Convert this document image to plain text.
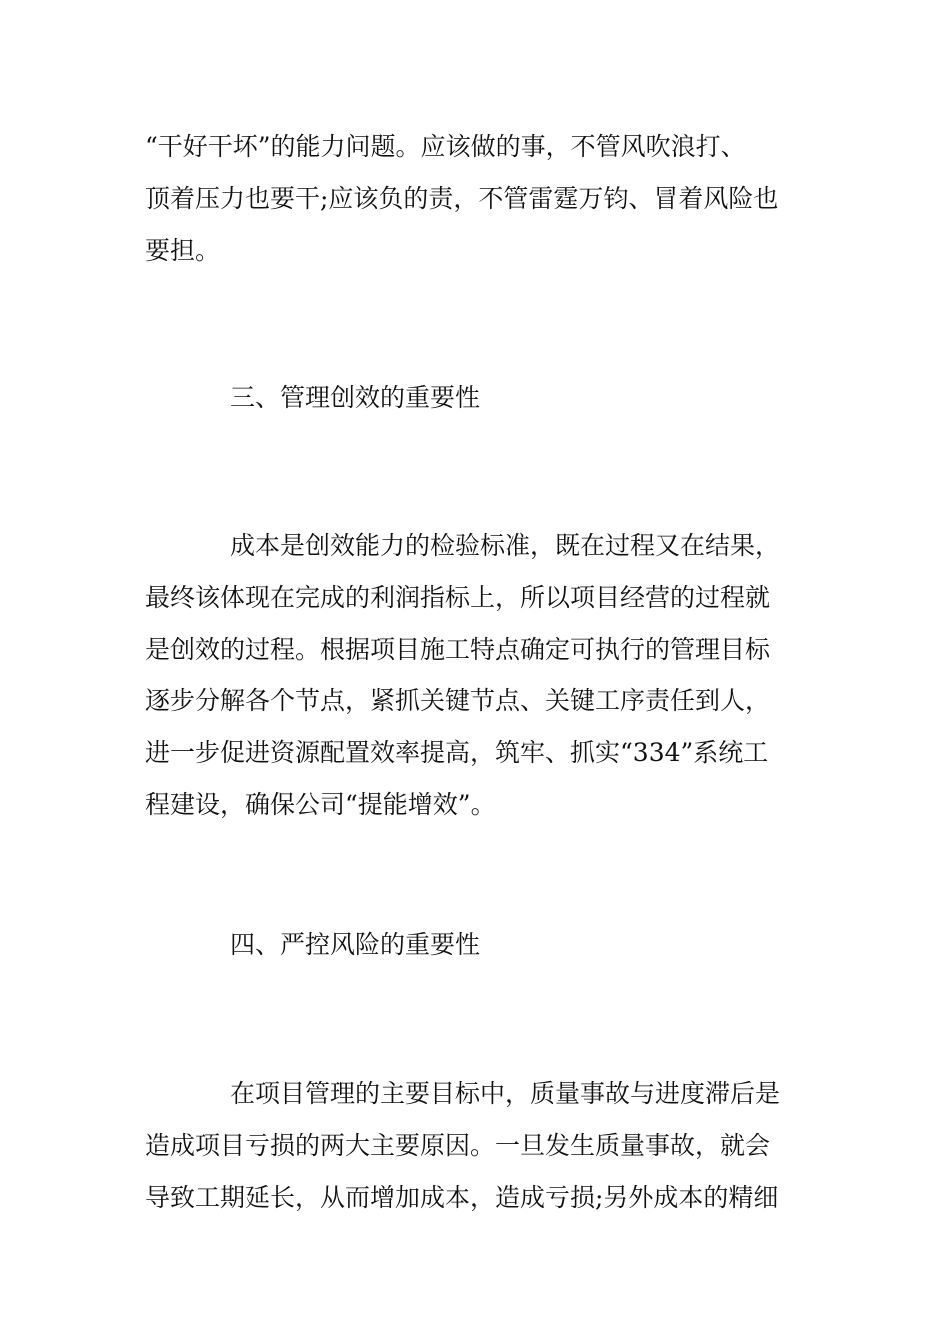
“干好干坏”的能力问题。应该做的事，不管风吹浪打、
顶着压力也要干;应该负的责，不管雷霆万钧、冒着风险也
要担。
三、管理创效的重要性
成本是创效能力的检验标准，既在过程又在结果，
最终该体现在完成的利润指标上，所以项目经营的过程就
是创效的过程。根据项目施工特点确定可执行的管理目标
逐步分解各个节点，紧抓关键节点、关键工序责任到人，
进一步促进资源配置效率提高，筑牢、抓实“334”系统工
程建设，确保公司“提能增效”。
四、严控风险的重要性
在项目管理的主要目标中，质量事故与进度滞后是
造成项目亏损的两大主要原因。一旦发生质量事故，就会
导致工期延长，从而增加成本，造成亏损;另外成本的精细
